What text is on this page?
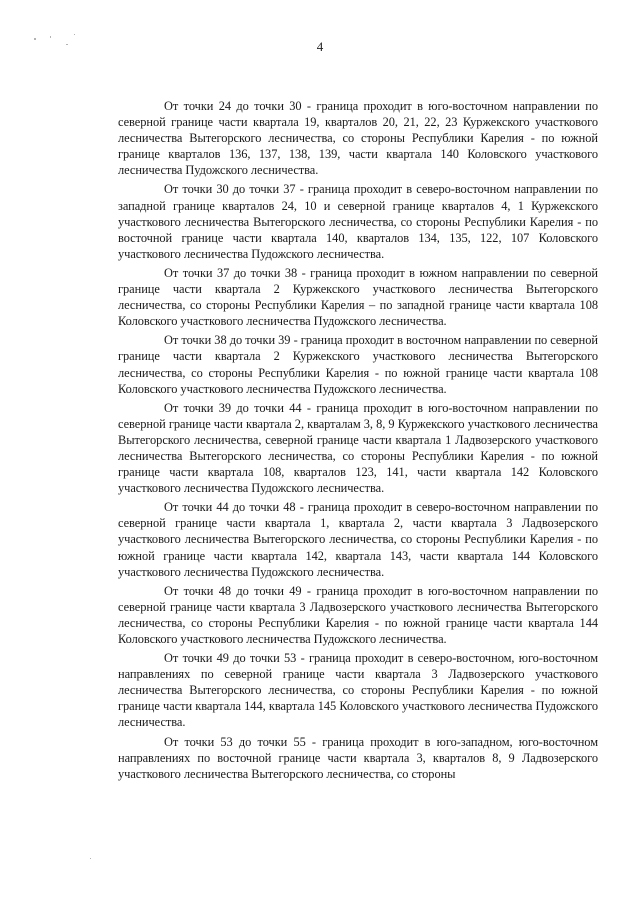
4

От точки 24 до точки 30 - граница проходит в юго-восточном направлении по северной границе части квартала 19, кварталов 20, 21, 22, 23 Куржекского участкового лесничества Вытегорского лесничества, со стороны Республики Карелия - по южной границе кварталов 136, 137, 138, 139, части квартала 140 Коловского участкового лесничества Пудожского лесничества.

От точки 30 до точки 37 - граница проходит в северо-восточном направлении по западной границе кварталов 24, 10 и северной границе кварталов 4, 1 Куржекского участкового лесничества Вытегорского лесничества, со стороны Республики Карелия - по восточной границе части квартала 140, кварталов 134, 135, 122, 107 Коловского участкового лесничества Пудожского лесничества.

От точки 37 до точки 38 - граница проходит в южном направлении по северной границе части квартала 2 Куржекского участкового лесничества Вытегорского лесничества, со стороны Республики Карелия – по западной границе части квартала 108 Коловского участкового лесничества Пудожского лесничества.

От точки 38 до точки 39 - граница проходит в восточном направлении по северной границе части квартала 2 Куржекского участкового лесничества Вытегорского лесничества, со стороны Республики Карелия - по южной границе части квартала 108 Коловского участкового лесничества Пудожского лесничества.

От точки 39 до точки 44 - граница проходит в юго-восточном направлении по северной границе части квартала 2, кварталам 3, 8, 9 Куржекского участкового лесничества Вытегорского лесничества, северной границе части квартала 1 Ладвозерского участкового лесничества Вытегорского лесничества, со стороны Республики Карелия - по южной границе части квартала 108, кварталов 123, 141, части квартала 142 Коловского участкового лесничества Пудожского лесничества.

От точки 44 до точки 48 - граница проходит в северо-восточном направлении по северной границе части квартала 1, квартала 2, части квартала 3 Ладвозерского участкового лесничества Вытегорского лесничества, со стороны Республики Карелия - по южной границе части квартала 142, квартала 143, части квартала 144 Коловского участкового лесничества Пудожского лесничества.

От точки 48 до точки 49 - граница проходит в юго-восточном направлении по северной границе части квартала 3 Ладвозерского участкового лесничества Вытегорского лесничества, со стороны Республики Карелия - по южной границе части квартала 144 Коловского участкового лесничества Пудожского лесничества.

От точки 49 до точки 53 - граница проходит в северо-восточном, юго-восточном направлениях по северной границе части квартала 3 Ладвозерского участкового лесничества Вытегорского лесничества, со стороны Республики Карелия - по южной границе части квартала 144, квартала 145 Коловского участкового лесничества Пудожского лесничества.

От точки 53 до точки 55 - граница проходит в юго-западном, юго-восточном направлениях по восточной границе части квартала 3, кварталов 8, 9 Ладвозерского участкового лесничества Вытегорского лесничества, со стороны
